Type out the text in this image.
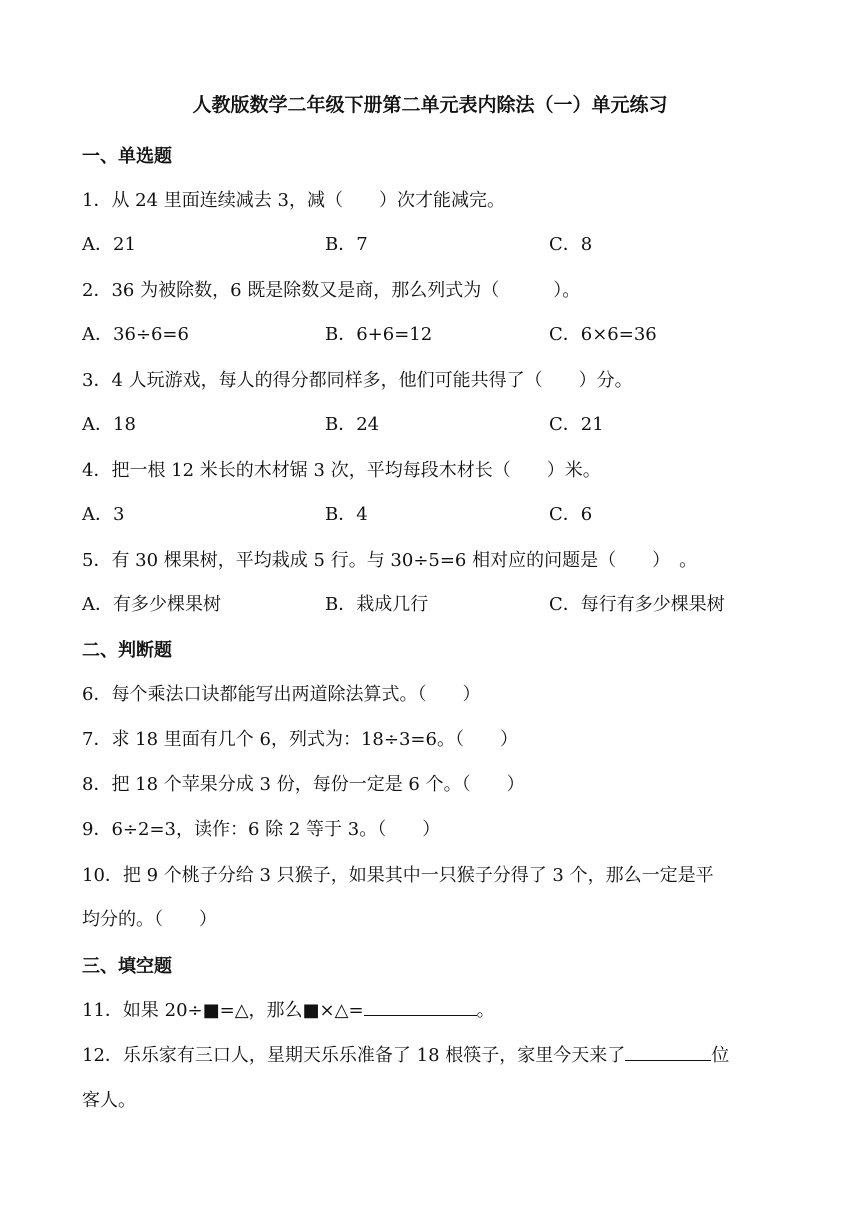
人教版数学二年级下册第二单元表内除法（一）单元练习
一、单选题
1．从 24 里面连续减去 3，减（　　）次才能减完。
A．21	B．7	C．8
2．36 为被除数，6 既是除数又是商，那么列式为（　　　）。
A．36÷6=6	B．6+6=12	C．6×6=36
3．4 人玩游戏，每人的得分都同样多，他们可能共得了（　　）分。
A．18	B．24	C．21
4．把一根 12 米长的木材锯 3 次，平均每段木材长（　　）米。
A．3	B．4	C．6
5．有 30 棵果树，平均栽成 5 行。与 30÷5=6 相对应的问题是（　　）　。
A．有多少棵果树	B．栽成几行	C．每行有多少棵果树
二、判断题
6．每个乘法口诀都能写出两道除法算式。（　　）
7．求 18 里面有几个 6，列式为：18÷3=6。（　　）
8．把 18 个苹果分成 3 份，每份一定是 6 个。（　　）
9．6÷2=3，读作：6 除 2 等于 3。（　　）
10．把 9 个桃子分给 3 只猴子，如果其中一只猴子分得了 3 个，那么一定是平
均分的。（　　）
三、填空题
11．如果 20÷■=△，那么■×△=	。
12．乐乐家有三口人，星期天乐乐准备了 18 根筷子，家里今天来了	位
客人。
